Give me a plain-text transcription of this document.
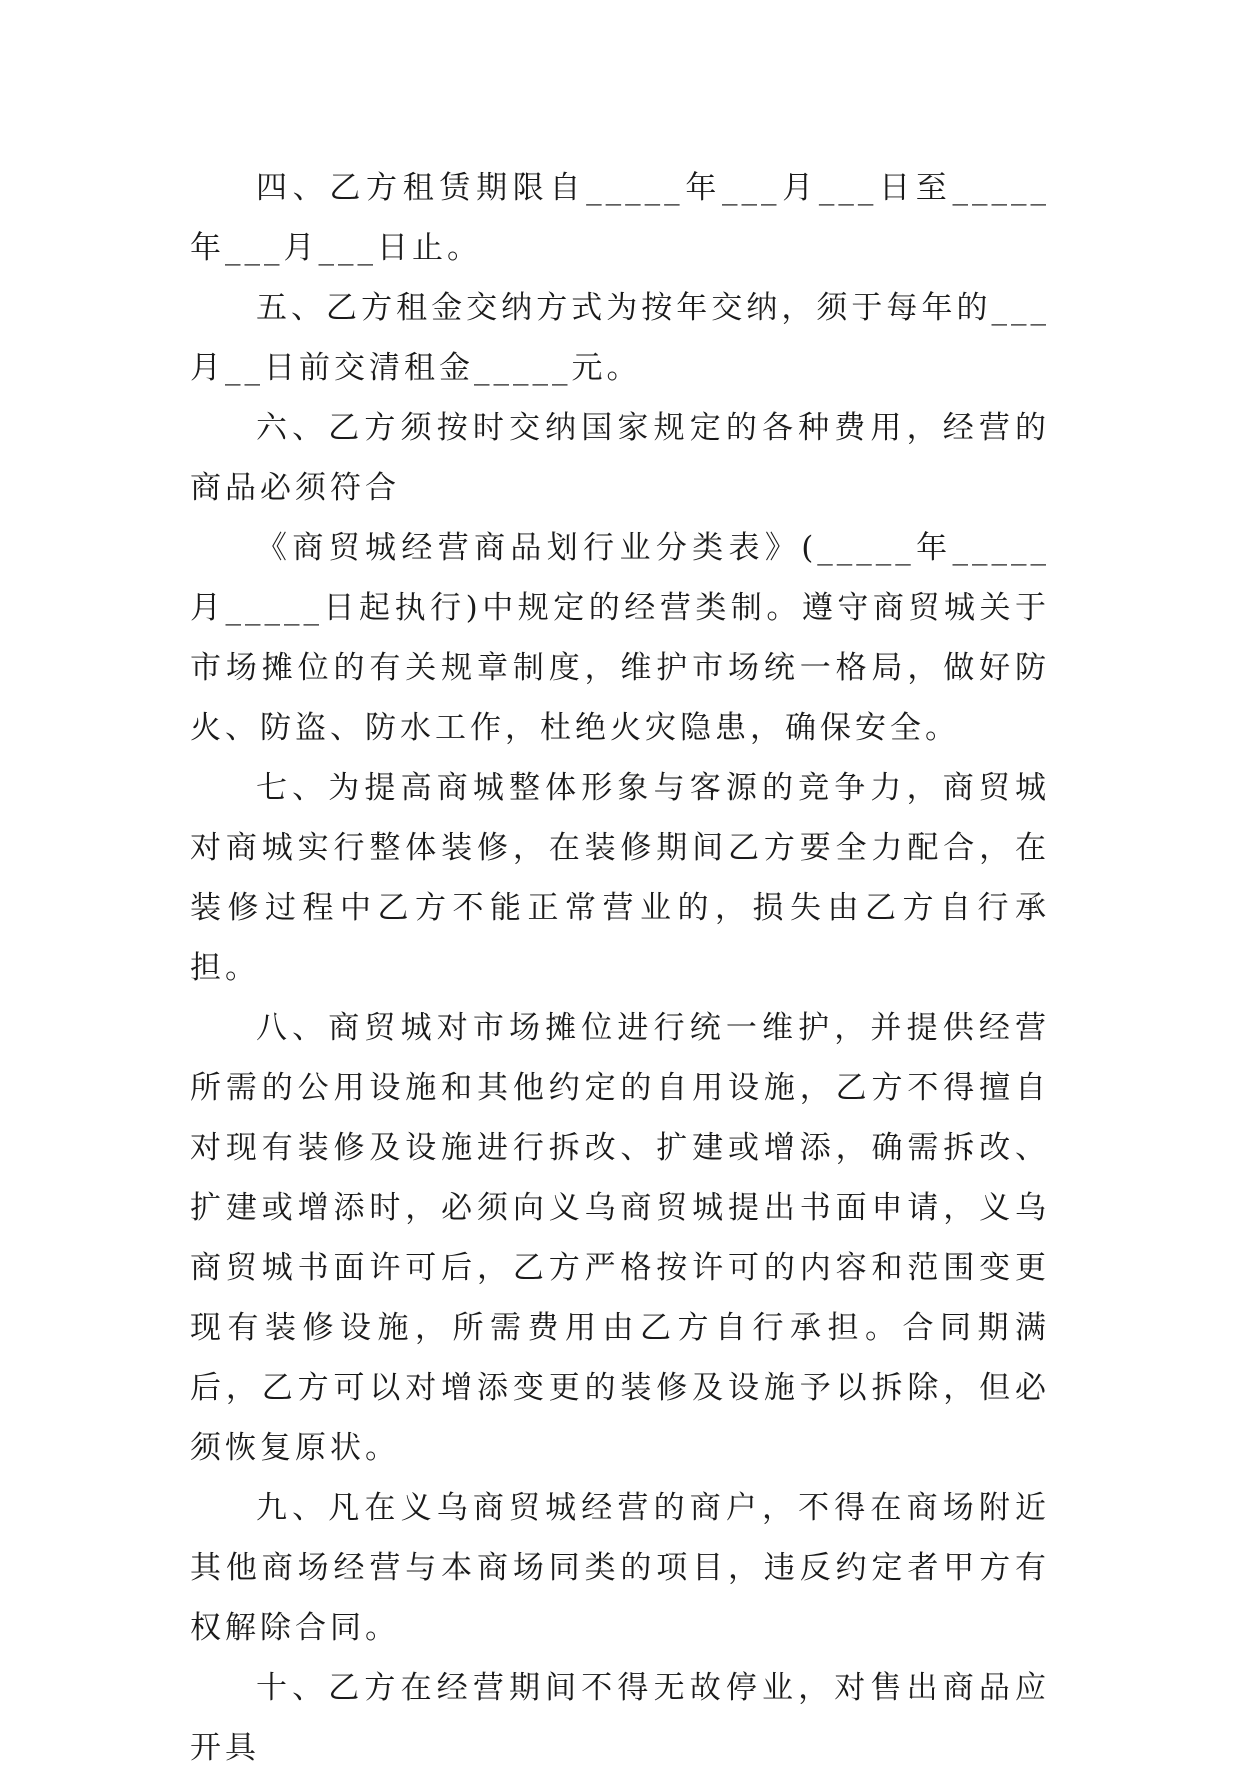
四、乙方租赁期限自_____年___月___日至_____年___月___日止。

五、乙方租金交纳方式为按年交纳，须于每年的___月__日前交清租金_____元。

六、乙方须按时交纳国家规定的各种费用，经营的商品必须符合

《商贸城经营商品划行业分类表》(_____年_____月_____日起执行)中规定的经营类制。遵守商贸城关于市场摊位的有关规章制度，维护市场统一格局，做好防火、防盗、防水工作，杜绝火灾隐患，确保安全。

七、为提高商城整体形象与客源的竞争力，商贸城对商城实行整体装修，在装修期间乙方要全力配合，在装修过程中乙方不能正常营业的，损失由乙方自行承担。

八、商贸城对市场摊位进行统一维护，并提供经营所需的公用设施和其他约定的自用设施，乙方不得擅自对现有装修及设施进行拆改、扩建或增添，确需拆改、扩建或增添时，必须向义乌商贸城提出书面申请，义乌商贸城书面许可后，乙方严格按许可的内容和范围变更现有装修设施，所需费用由乙方自行承担。合同期满后，乙方可以对增添变更的装修及设施予以拆除，但必须恢复原状。

九、凡在义乌商贸城经营的商户，不得在商场附近其他商场经营与本商场同类的项目，违反约定者甲方有权解除合同。

十、乙方在经营期间不得无故停业，对售出商品应开具
